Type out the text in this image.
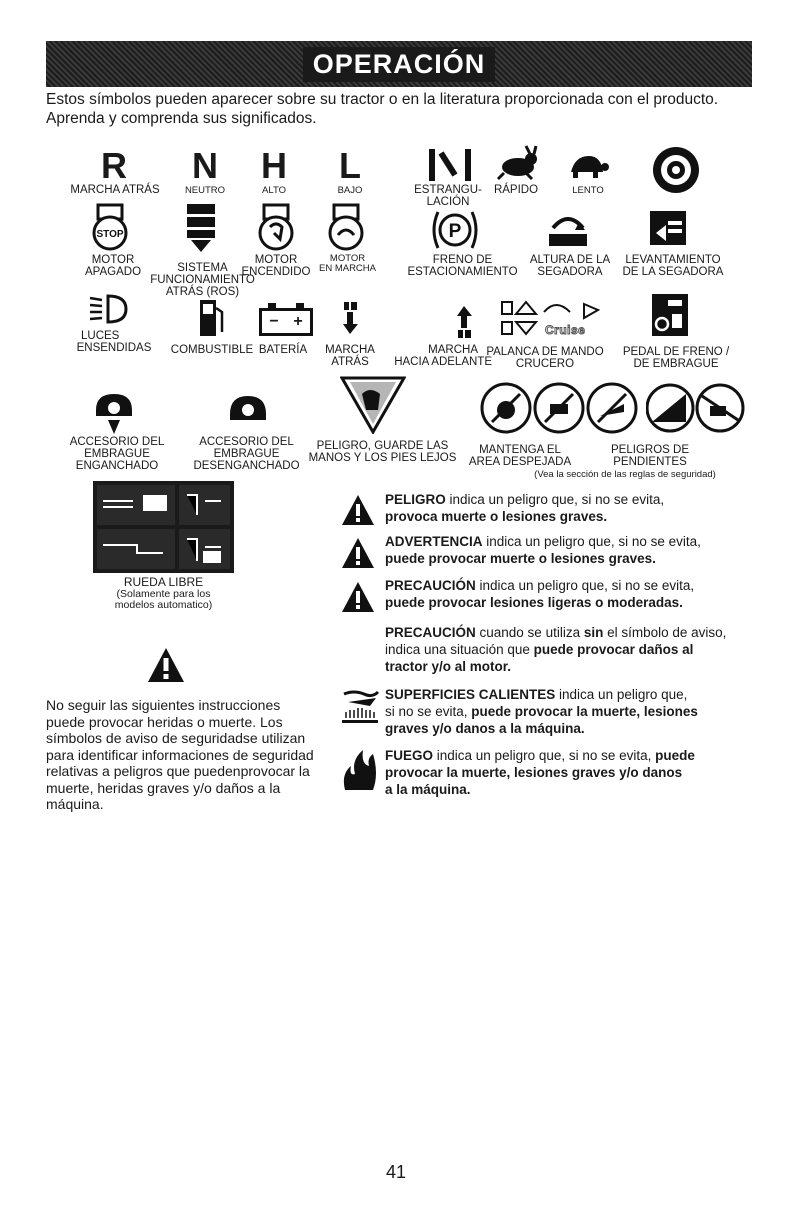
OPERACIÓN
Estos símbolos pueden aparecer sobre su tractor o en la literatura proporcionada con el producto.
Aprenda y comprenda sus significados.
R
MARCHA ATRÁS
N
NEUTRO
H
ALTO
L
BAJO	ESTRANGU-
LACIÓN
RÁPIDO	LENTO
STOP
MOTOR
APAGADO	SISTEMA
FUNCIONAMIENTO
ATRÁS (ROS)
MOTOR
ENCENDIDO
MOTOR
EN MARCHA
P
FRENO DE
ESTACIONAMIENTO
ALTURA DE LA
SEGADORA
LEVANTAMIENTO
DE LA SEGADORA
LUCES
ENSENDIDAS	COMBUSTIBLE
− +
BATERÍA	MARCHA
ATRÁS
MARCHA
HACIA ADELANTE
Cruise
PALANCA DE MANDO
CRUCERO
PEDAL DE FRENO /
DE EMBRAGUE
ACCESORIO DEL
EMBRAGUE
ENGANCHADO
ACCESORIO DEL
EMBRAGUE
DESENGANCHADO
PELIGRO, GUARDE LAS
MANOS Y LOS PIES LEJOS
MANTENGA EL
AREA DESPEJADA
PELIGROS DE
PENDIENTES
(Vea la sección de las reglas de seguridad)
RUEDA LIBRE
(Solamente para los
modelos automatico)
PELIGRO indica un peligro que, si no se evita,
provoca muerte o lesiones graves.
ADVERTENCIA indica un peligro que, si no se evita,
puede provocar muerte o lesiones graves.
PRECAUCIÓN indica un peligro que, si no se evita,
puede provocar lesiones ligeras o moderadas.
PRECAUCIÓN cuando se utiliza sin el símbolo de aviso,
indica una situación que puede provocar daños al
tractor y/o al motor.
SUPERFICIES CALIENTES indica un peligro que,
si no se evita, puede provocar la muerte, lesiones
graves y/o danos a la máquina.
FUEGO indica un peligro que, si no se evita, puede
provocar la muerte, lesiones graves y/o danos
a la máquina.
No seguir las siguientes instrucciones
puede provocar heridas o muerte. Los
símbolos de aviso de seguridadse utilizan
para identificar informaciones de seguridad
relativas a peligros que puedenprovocar la
muerte, heridas graves y/o daños a la
máquina.
41
